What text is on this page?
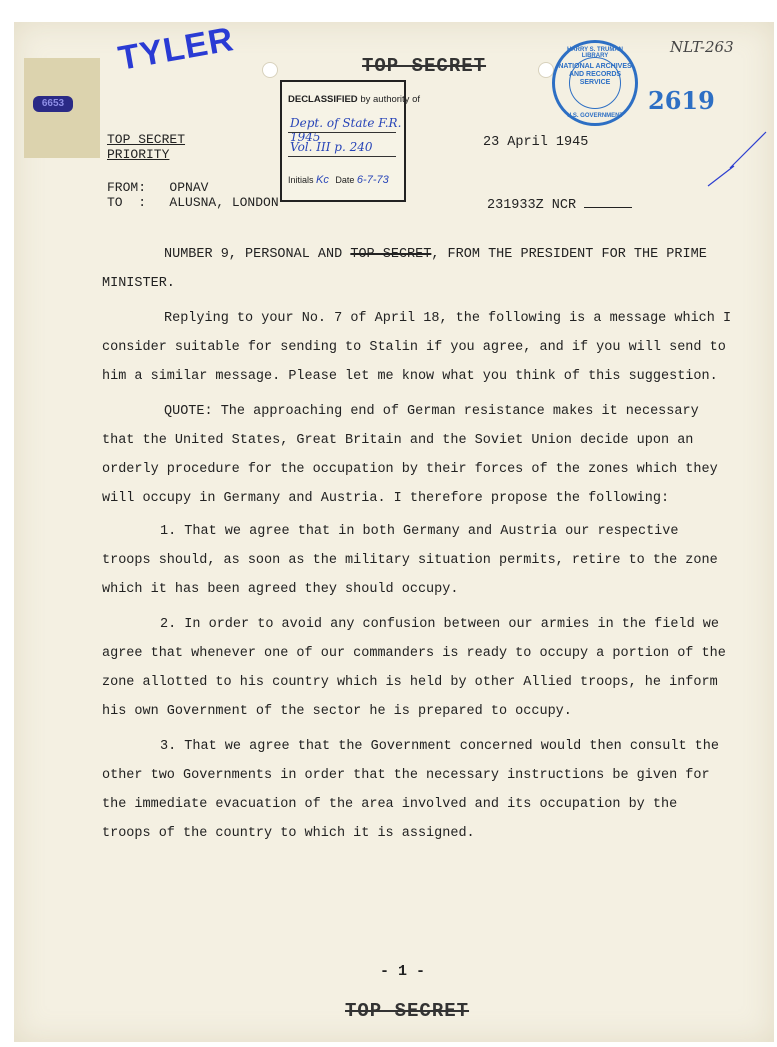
6653
TYLER	TOP SECRET
DECLASSIFIED by authority of
Dept. of State F.R. 1945
Vol. III p. 240
Initials Kc Date 6-7-73
HARRY S. TRUMAN LIBRARY
NATIONAL ARCHIVES AND RECORDS SERVICE
U.S. GOVERNMENT
NLT-263
2619
TOP SECRET
PRIORITY
23 April 1945
FROM: OPNAV
TO  : ALUSNA, LONDON	231933Z NCR

NUMBER 9, PERSONAL AND TOP SECRET, FROM THE PRESIDENT FOR THE PRIME

MINISTER.

Replying to your No. 7 of April 18, the following is a message which I consider suitable for sending to Stalin if you agree, and if you will send to him a similar message. Please let me know what you think of this suggestion.

QUOTE: The approaching end of German resistance makes it necessary that the United States, Great Britain and the Soviet Union decide upon an orderly procedure for the occupation by their forces of the zones which they will occupy in Germany and Austria. I therefore propose the following:

1. That we agree that in both Germany and Austria our respective troops should, as soon as the military situation permits, retire to the zone which it has been agreed they should occupy.

2. In order to avoid any confusion between our armies in the field we agree that whenever one of our commanders is ready to occupy a portion of the zone allotted to his country which is held by other Allied troops, he inform his own Government of the sector he is prepared to occupy.

3. That we agree that the Government concerned would then consult the other two Governments in order that the necessary instructions be given for the immediate evacuation of the area involved and its occupation by the troops of the country to which it is assigned.

- 1 -
TOP SECRET
